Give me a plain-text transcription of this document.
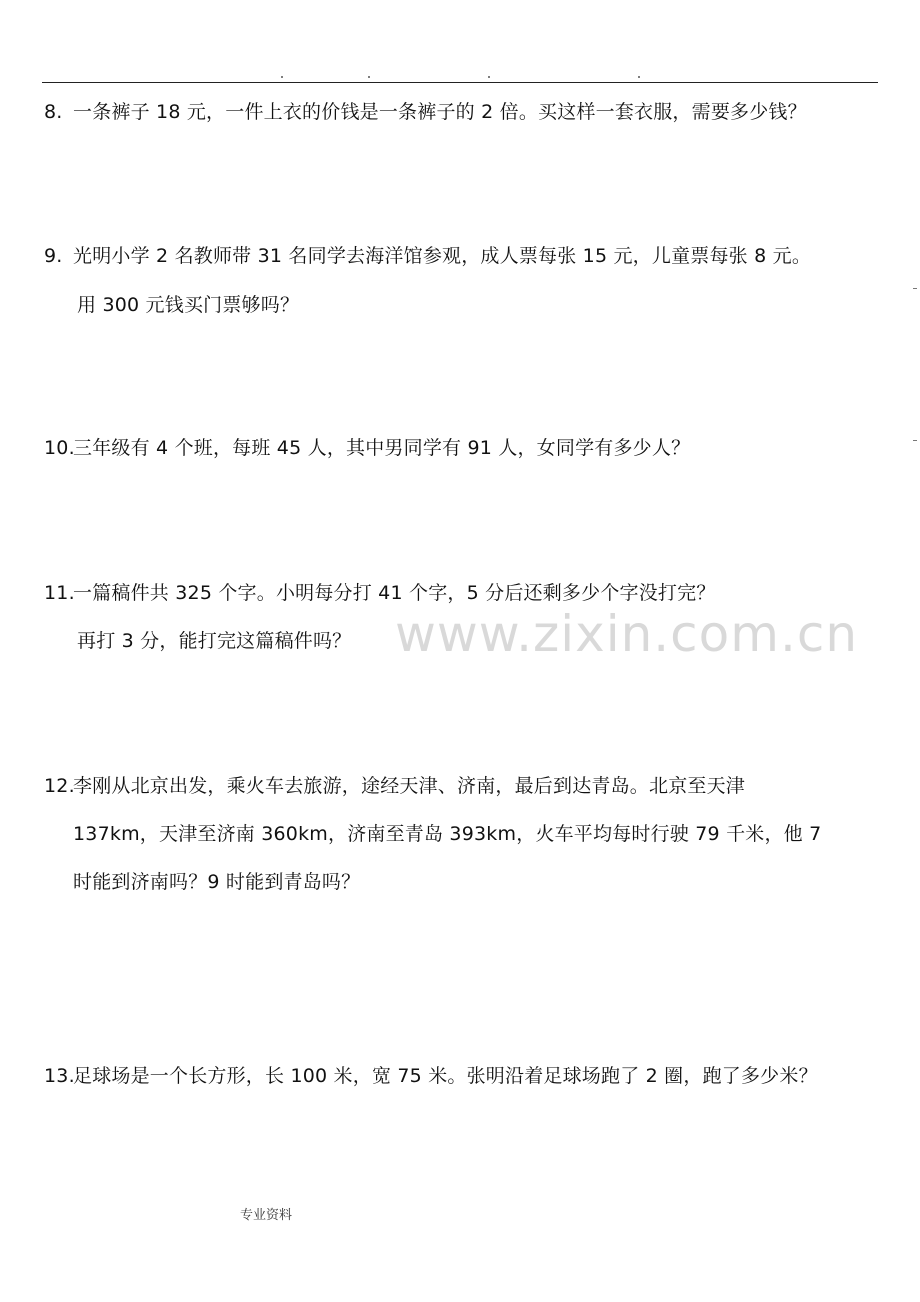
8. 一条裤子 18 元，一件上衣的价钱是一条裤子的 2 倍。买这样一套衣服，需要多少钱？
9. 光明小学 2 名教师带 31 名同学去海洋馆参观，成人票每张 15 元，儿童票每张 8 元。
用 300 元钱买门票够吗？
10.三年级有 4 个班，每班 45 人，其中男同学有 91 人，女同学有多少人？
11.一篇稿件共 325 个字。小明每分打 41 个字，5 分后还剩多少个字没打完？
再打 3 分，能打完这篇稿件吗？
12.李刚从北京出发，乘火车去旅游，途经天津、济南，最后到达青岛。北京至天津
137km，天津至济南 360km，济南至青岛 393km，火车平均每时行驶 79 千米，他 7
时能到济南吗？9 时能到青岛吗？
13.足球场是一个长方形，长 100 米，宽 75 米。张明沿着足球场跑了 2 圈，跑了多少米？
www.zixin.com.cn
专业资料
